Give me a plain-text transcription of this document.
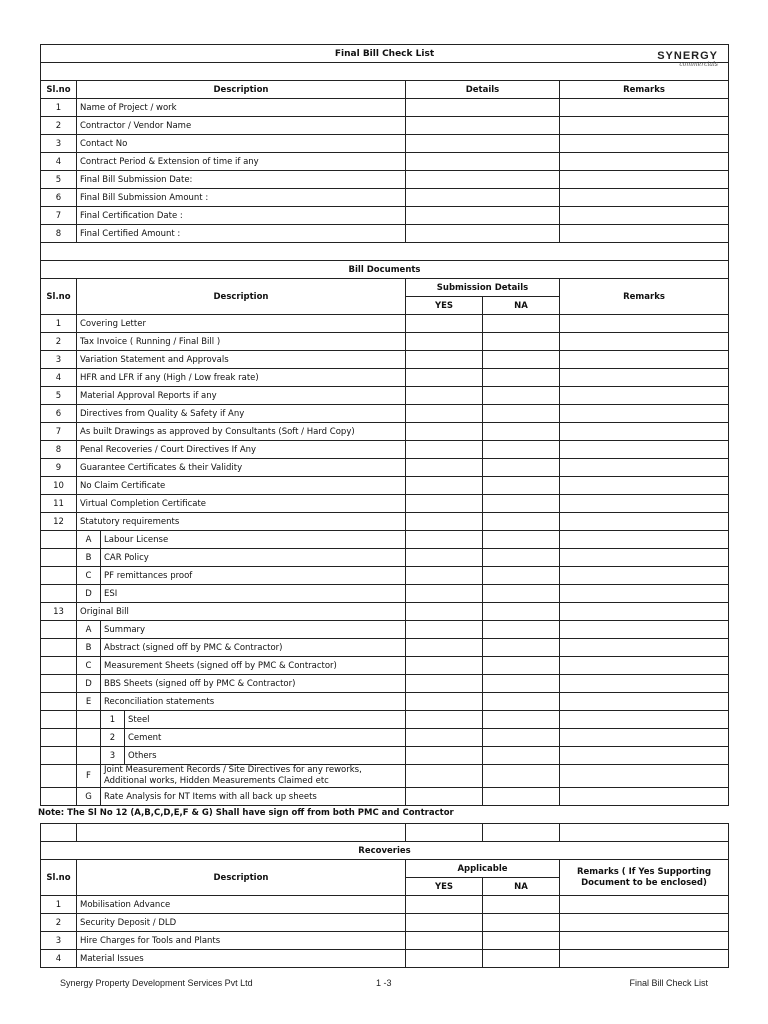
SYNERGY
commercials
Final Bill Check List						

Sl.no	Description			Details		Remarks
1	Name of Project / work					
2	Contractor / Vendor Name					
3	Contact No					
4	Contract Period & Extension of time if any					
5	Final Bill Submission Date:					
6	Final Bill Submission Amount :					
7	Final Certification Date :					
8	Final Certified Amount :					

Bill Documents						
Sl.no	Description			Submission Details		Remarks
				YES	NA	
1	Covering Letter					
2	Tax Invoice ( Running / Final Bill )					
3	Variation Statement and Approvals					
4	HFR and LFR if any (High / Low freak rate)					
5	Material Approval Reports if any					
6	Directives from Quality & Safety if Any					
7	As built Drawings as approved by Consultants (Soft / Hard Copy)					
8	Penal Recoveries / Court Directives If Any					
9	Guarantee Certificates & their Validity					
10	No Claim Certificate					
11	Virtual Completion Certificate					
12	Statutory requirements					
	A	Labour License				
	B	CAR Policy				
	C	PF remittances proof				
	D	ESI				
13	Original Bill					
	A	Summary				
	B	Abstract (signed off by PMC & Contractor)				
	C	Measurement Sheets (signed off by PMC & Contractor)				
	D	BBS Sheets (signed off by PMC & Contractor)				
	E	Reconciliation statements				
		1	Steel			
		2	Cement			
		3	Others			
	F	Joint Measurement Records / Site Directives for any reworks,
Additional works, Hidden Measurements Claimed etc				

	G	Rate Analysis for NT Items with all back up sheets				

Recoveries						
Sl.no	Description			Applicable		Remarks ( If Yes Supporting
Document to be enclosed)

				YES	NA	
1	Mobilisation Advance					
2	Security Deposit / DLD					
3	Hire Charges for Tools and Plants					
4	Material Issues					
Note: The Sl No 12 (A,B,C,D,E,F & G) Shall have sign off from both PMC and Contractor
Synergy Property Development Services Pvt Ltd	1 -3	Final Bill Check List
